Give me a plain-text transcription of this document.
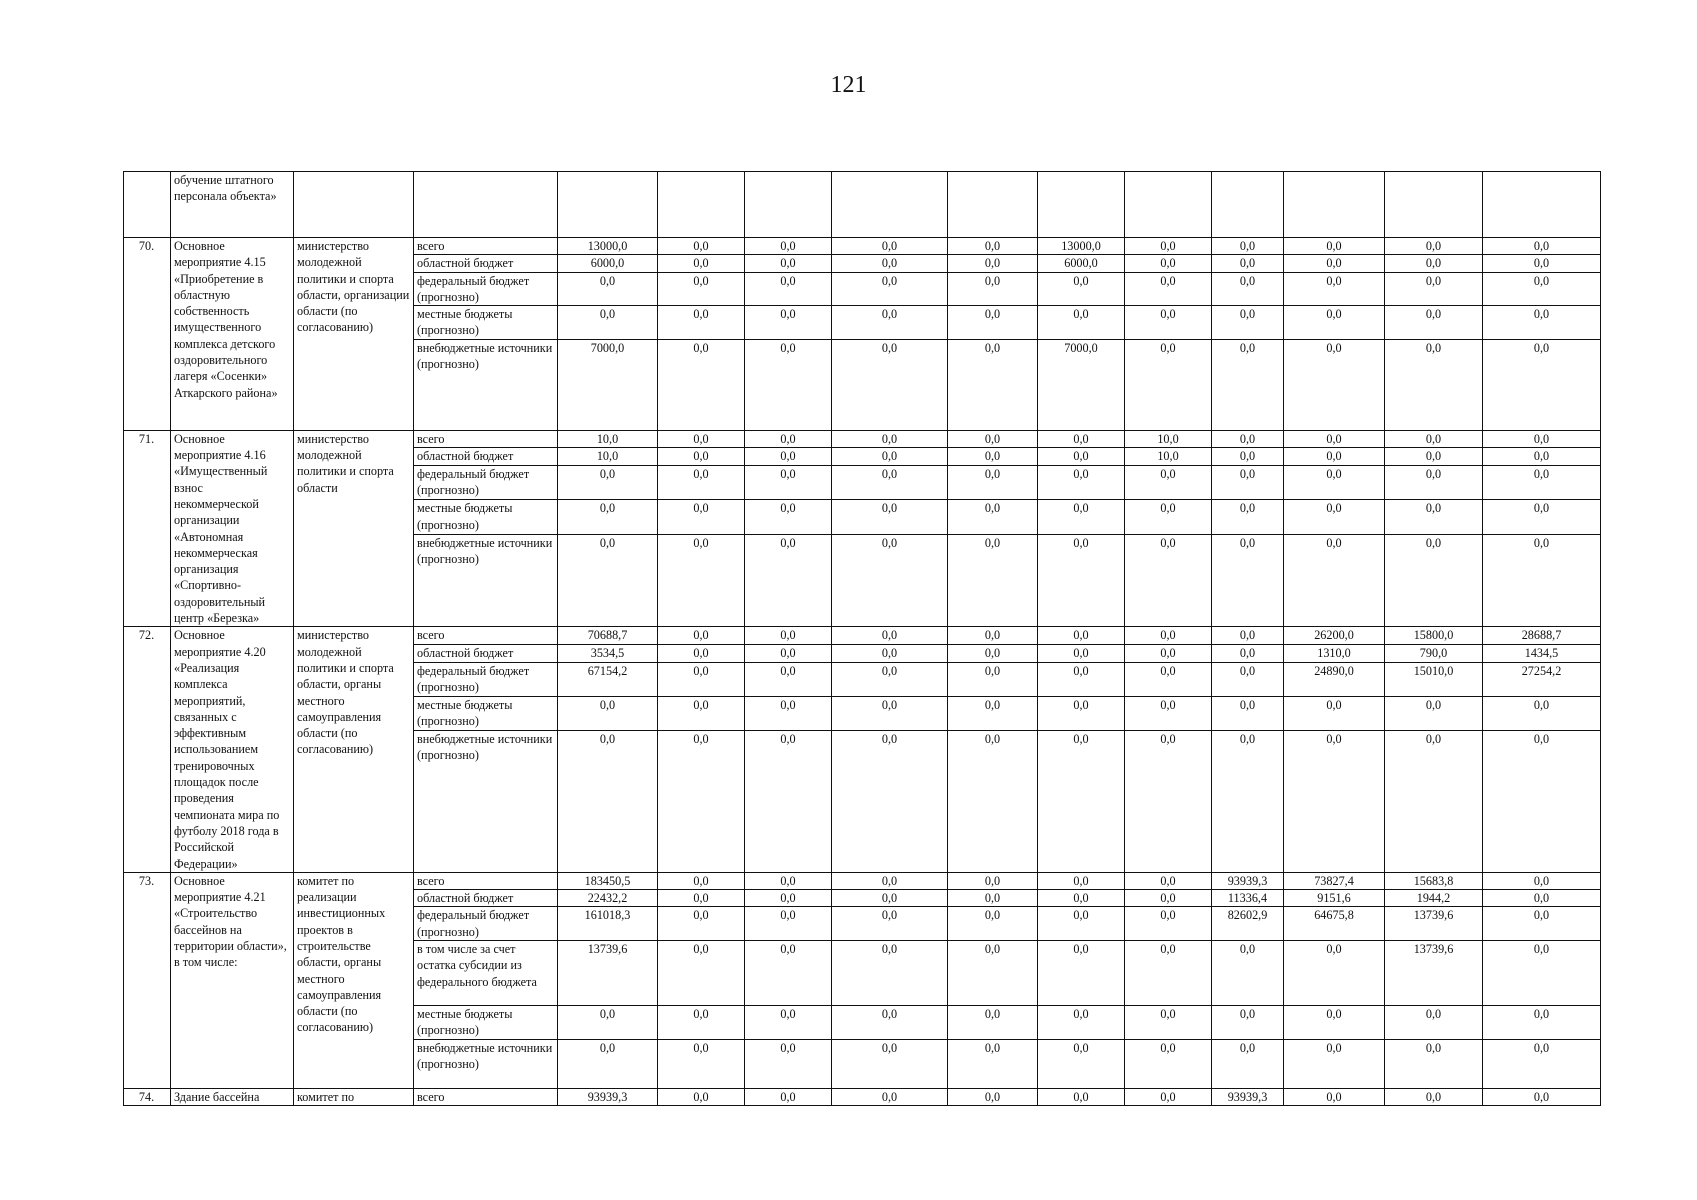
121
	обучение штатного персонала объекта»													
70.	Основное мероприятие 4.15 «Приобретение в областную собственность имущественного комплекса детского оздоровительного лагеря «Сосенки» Аткарского района»	министерство молодежной политики и спорта области, организации области (по согласованию)	всего	13000,0	0,0	0,0	0,0	0,0	13000,0	0,0	0,0	0,0	0,0	0,0
			областной бюджет	6000,0	0,0	0,0	0,0	0,0	6000,0	0,0	0,0	0,0	0,0	0,0
			федеральный бюджет (прогнозно)	0,0	0,0	0,0	0,0	0,0	0,0	0,0	0,0	0,0	0,0	0,0
			местные бюджеты (прогнозно)	0,0	0,0	0,0	0,0	0,0	0,0	0,0	0,0	0,0	0,0	0,0
			внебюджетные источники (прогнозно)	7000,0	0,0	0,0	0,0	0,0	7000,0	0,0	0,0	0,0	0,0	0,0
71.	Основное мероприятие 4.16 «Имущественный взнос некоммерческой организации «Автономная некоммерческая организация «Спортивно-оздоровительный центр «Березка»	министерство молодежной политики и спорта области	всего	10,0	0,0	0,0	0,0	0,0	0,0	10,0	0,0	0,0	0,0	0,0
			областной бюджет	10,0	0,0	0,0	0,0	0,0	0,0	10,0	0,0	0,0	0,0	0,0
			федеральный бюджет (прогнозно)	0,0	0,0	0,0	0,0	0,0	0,0	0,0	0,0	0,0	0,0	0,0
			местные бюджеты (прогнозно)	0,0	0,0	0,0	0,0	0,0	0,0	0,0	0,0	0,0	0,0	0,0
			внебюджетные источники (прогнозно)	0,0	0,0	0,0	0,0	0,0	0,0	0,0	0,0	0,0	0,0	0,0
72.	Основное мероприятие 4.20 «Реализация комплекса мероприятий, связанных с эффективным использованием тренировочных площадок после проведения чемпионата мира по футболу 2018 года в Российской Федерации»	министерство молодежной политики и спорта области, органы местного самоуправления области (по согласованию)	всего	70688,7	0,0	0,0	0,0	0,0	0,0	0,0	0,0	26200,0	15800,0	28688,7
			областной бюджет	3534,5	0,0	0,0	0,0	0,0	0,0	0,0	0,0	1310,0	790,0	1434,5
			федеральный бюджет (прогнозно)	67154,2	0,0	0,0	0,0	0,0	0,0	0,0	0,0	24890,0	15010,0	27254,2
			местные бюджеты (прогнозно)	0,0	0,0	0,0	0,0	0,0	0,0	0,0	0,0	0,0	0,0	0,0
			внебюджетные источники (прогнозно)	0,0	0,0	0,0	0,0	0,0	0,0	0,0	0,0	0,0	0,0	0,0
73.	Основное мероприятие 4.21 «Строительство бассейнов на территории области», в том числе:	комитет по реализации инвестиционных проектов в строительстве области, органы местного самоуправления области (по согласованию)	всего	183450,5	0,0	0,0	0,0	0,0	0,0	0,0	93939,3	73827,4	15683,8	0,0
			областной бюджет	22432,2	0,0	0,0	0,0	0,0	0,0	0,0	11336,4	9151,6	1944,2	0,0
			федеральный бюджет (прогнозно)	161018,3	0,0	0,0	0,0	0,0	0,0	0,0	82602,9	64675,8	13739,6	0,0
			в том числе за счет остатка субсидии из федерального бюджета	13739,6	0,0	0,0	0,0	0,0	0,0	0,0	0,0	0,0	13739,6	0,0
			местные бюджеты (прогнозно)	0,0	0,0	0,0	0,0	0,0	0,0	0,0	0,0	0,0	0,0	0,0
			внебюджетные источники (прогнозно)	0,0	0,0	0,0	0,0	0,0	0,0	0,0	0,0	0,0	0,0	0,0
74.	Здание бассейна	комитет по	всего	93939,3	0,0	0,0	0,0	0,0	0,0	0,0	93939,3	0,0	0,0	0,0
